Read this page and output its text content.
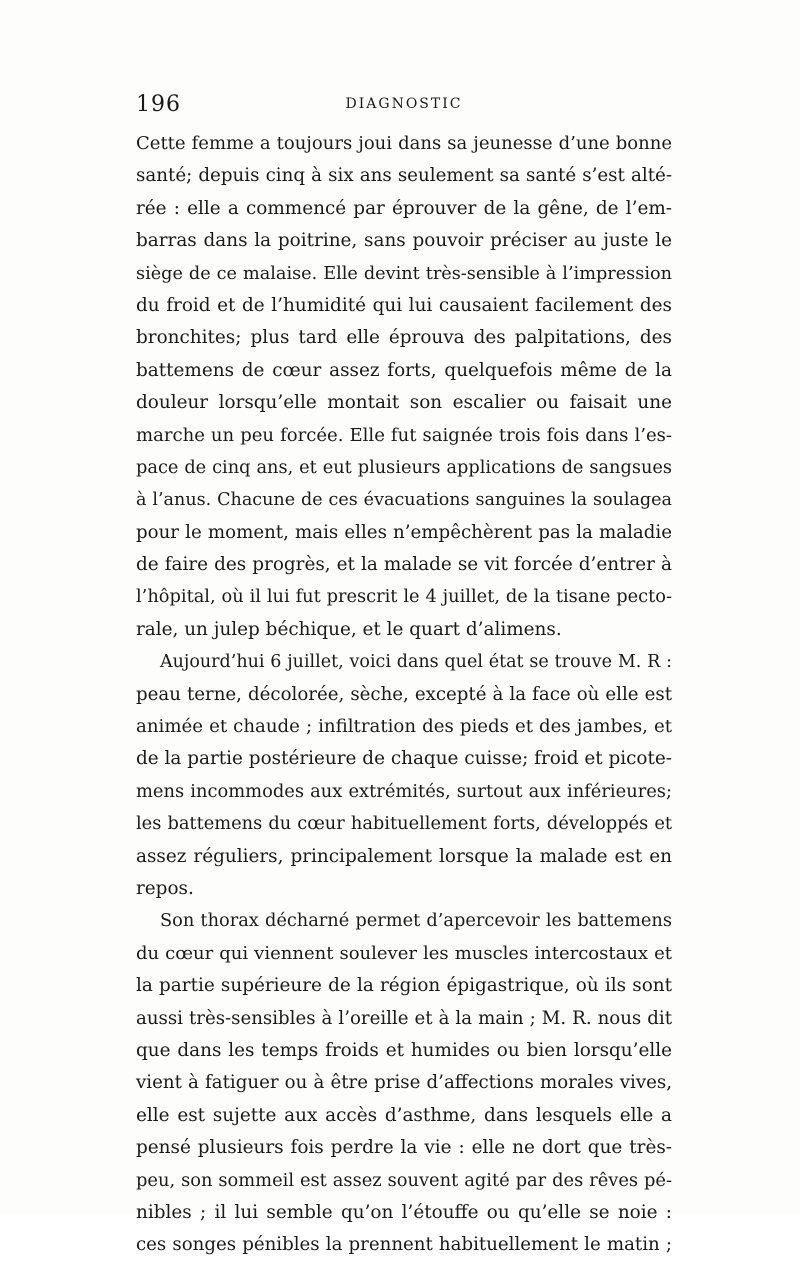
196	DIAGNOSTIC
Cette femme a toujours joui dans sa jeunesse d’une bonne
santé; depuis cinq à six ans seulement sa santé s’est alté-
rée : elle a commencé par éprouver de la gêne, de l’em-
barras dans la poitrine, sans pouvoir préciser au juste le
siège de ce malaise. Elle devint très-sensible à l’impression
du froid et de l’humidité qui lui causaient facilement des
bronchites; plus tard elle éprouva des palpitations, des
battemens de cœur assez forts, quelquefois même de la
douleur lorsqu’elle montait son escalier ou faisait une
marche un peu forcée. Elle fut saignée trois fois dans l’es-
pace de cinq ans, et eut plusieurs applications de sangsues
à l’anus. Chacune de ces évacuations sanguines la soulagea
pour le moment, mais elles n’empêchèrent pas la maladie
de faire des progrès, et la malade se vit forcée d’entrer à
l’hôpital, où il lui fut prescrit le 4 juillet, de la tisane pecto-
rale, un julep béchique, et le quart d’alimens.
Aujourd’hui 6 juillet, voici dans quel état se trouve M. R :
peau terne, décolorée, sèche, excepté à la face où elle est
animée et chaude ; infiltration des pieds et des jambes, et
de la partie postérieure de chaque cuisse; froid et picote-
mens incommodes aux extrémités, surtout aux inférieures;
les battemens du cœur habituellement forts, développés et
assez réguliers, principalement lorsque la malade est en
repos.
Son thorax décharné permet d’apercevoir les battemens
du cœur qui viennent soulever les muscles intercostaux et
la partie supérieure de la région épigastrique, où ils sont
aussi très-sensibles à l’oreille et à la main ; M. R. nous dit
que dans les temps froids et humides ou bien lorsqu’elle
vient à fatiguer ou à être prise d’affections morales vives,
elle est sujette aux accès d’asthme, dans lesquels elle a
pensé plusieurs fois perdre la vie : elle ne dort que très-
peu, son sommeil est assez souvent agité par des rêves pé-
nibles ; il lui semble qu’on l’étouffe ou qu’elle se noie :
ces songes pénibles la prennent habituellement le matin ;
